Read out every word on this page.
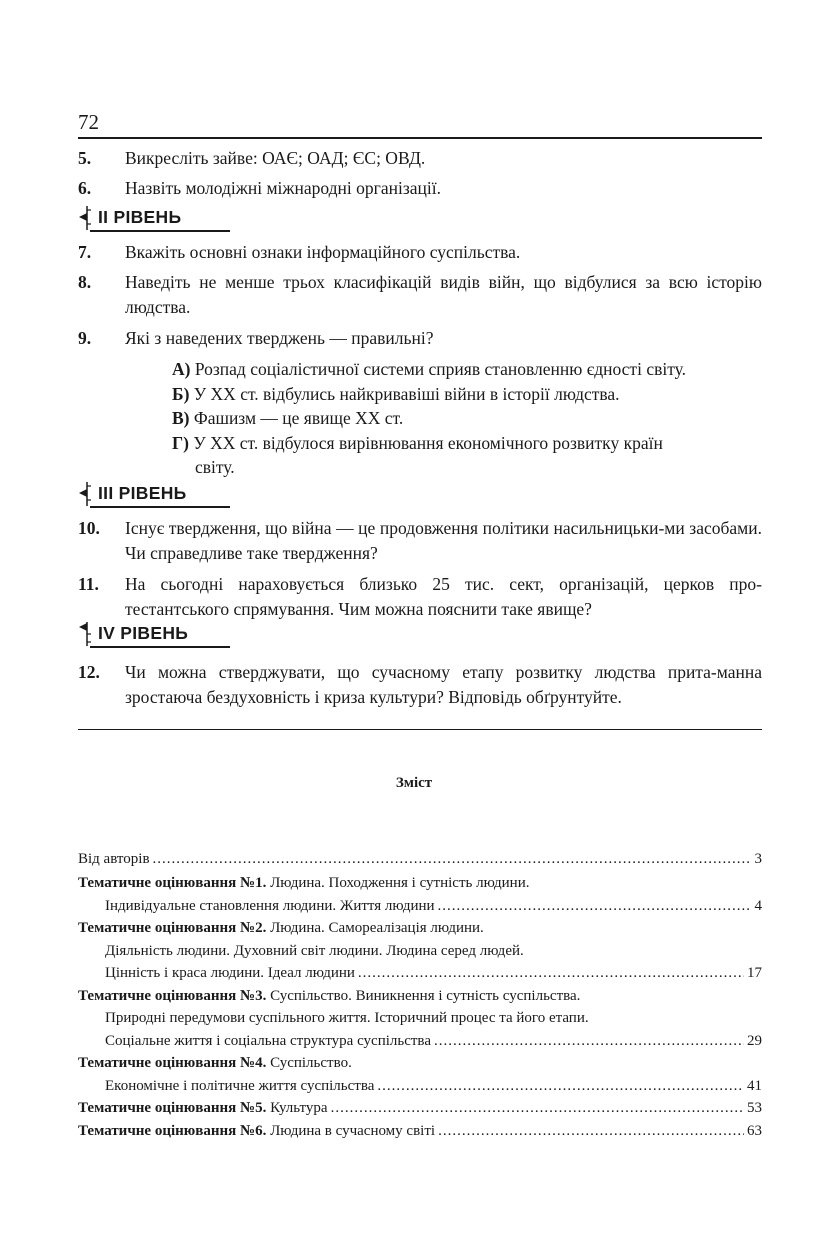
72
5. Викресліть зайве: ОАЄ; ОАД; ЄС; ОВД.
6. Назвіть молодіжні міжнародні організації.
II РІВЕНЬ
7. Вкажіть основні ознаки інформаційного суспільства.
8. Наведіть не менше трьох класифікацій видів війн, що відбулися за всю історію людства.
9. Які з наведених тверджень — правильні?
А) Розпад соціалістичної системи сприяв становленню єдності світу.
Б) У ХХ ст. відбулись найкривавіші війни в історії людства.
В) Фашизм — це явище ХХ ст.
Г) У ХХ ст. відбулося вирівнювання економічного розвитку країн
світу.
III РІВЕНЬ
10. Існує твердження, що війна — це продовження політики насильницьки-ми засобами. Чи справедливе таке твердження?
11. На сьогодні нараховується близько 25 тис. сект, організацій, церков про-тестантського спрямування. Чим можна пояснити таке явище?
IV РІВЕНЬ
12. Чи можна стверджувати, що сучасному етапу розвитку людства прита-манна зростаюча бездуховність і криза культури? Відповідь обґрунтуйте.
Зміст
Від авторів .....	3
Тематичне оцінювання №1. Людина. Походження і сутність людини.
Індивідуальне становлення людини. Життя людини .....	4
Тематичне оцінювання №2. Людина. Самореалізація людини.
Діяльність людини. Духовний світ людини. Людина серед людей.
Цінність і краса людини. Ідеал людини .....	17
Тематичне оцінювання №3. Суспільство. Виникнення і сутність суспільства.
Природні передумови суспільного життя. Історичний процес та його етапи.
Соціальне життя і соціальна структура суспільства .....	29
Тематичне оцінювання №4. Суспільство.
Економічне і політичне життя суспільства .....	41
Тематичне оцінювання №5. Культура .....	53
Тематичне оцінювання №6. Людина в сучасному світі .....	63
